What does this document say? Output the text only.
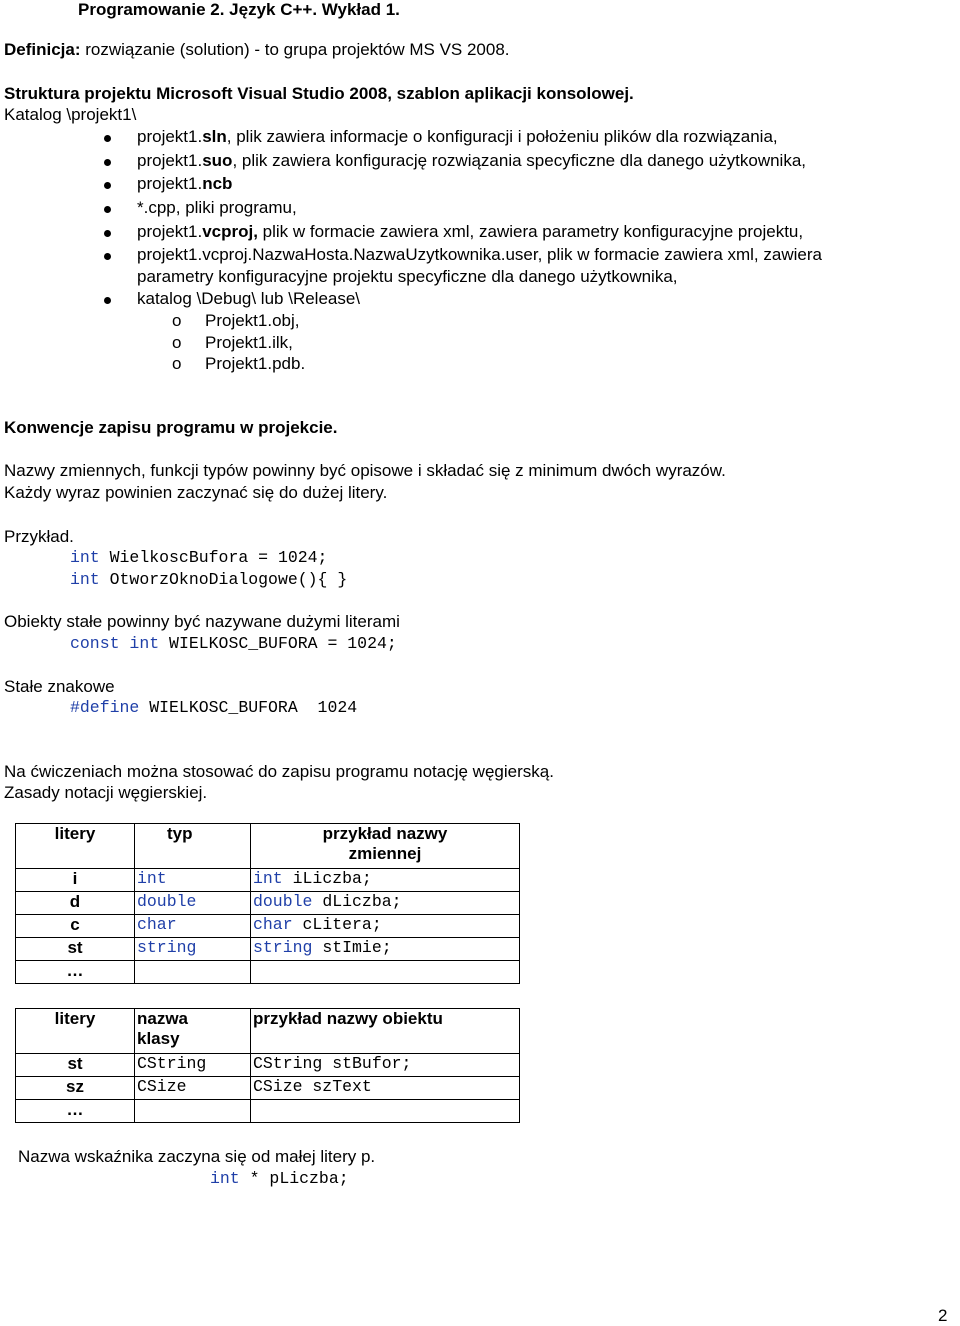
Programowanie 2. Język C++. Wykład 1.
Definicja: rozwiązanie (solution) - to grupa projektów MS VS 2008.
Struktura projektu Microsoft Visual Studio 2008, szablon aplikacji konsolowej.
Katalog \projekt1\
projekt1.sln, plik zawiera informacje o konfiguracji i położeniu plików dla rozwiązania,
projekt1.suo, plik zawiera konfigurację rozwiązania specyficzne dla danego użytkownika,
projekt1.ncb
*.cpp, pliki programu,
projekt1.vcproj, plik w formacie zawiera xml, zawiera parametry konfiguracyjne projektu,
projekt1.vcproj.NazwaHosta.NazwaUzytkownika.user, plik w formacie zawiera xml, zawiera
parametry konfiguracyjne projektu specyficzne dla danego użytkownika,
katalog \Debug\ lub \Release\
o Projekt1.obj,
o Projekt1.ilk,
o Projekt1.pdb.
Konwencje zapisu programu w projekcie.
Nazwy zmiennych, funkcji typów powinny być opisowe i składać się z minimum dwóch wyrazów.
Każdy wyraz powinien zaczynać się do dużej litery.
Przykład.
int WielkoscBufora = 1024;
int OtworzOknoDialogowe(){ }
Obiekty stałe powinny być nazywane dużymi literami
const int WIELKOSC_BUFORA = 1024;
Stałe znakowe
#define WIELKOSC_BUFORA  1024
Na ćwiczeniach można stosować do zapisu programu notację węgierską.
Zasady notacji węgierskiej.
litery	typ	przykład nazwy zmiennej
i	int	int iLiczba;
d	double	double dLiczba;
c	char	char cLitera;
st	string	string stImie;
…		
litery	nazwa klasy	przykład nazwy obiektu
st	CString	CString stBufor;
sz	CSize	CSize szText
…		
Nazwa wskaźnika zaczyna się od małej litery p.
int * pLiczba;
2
